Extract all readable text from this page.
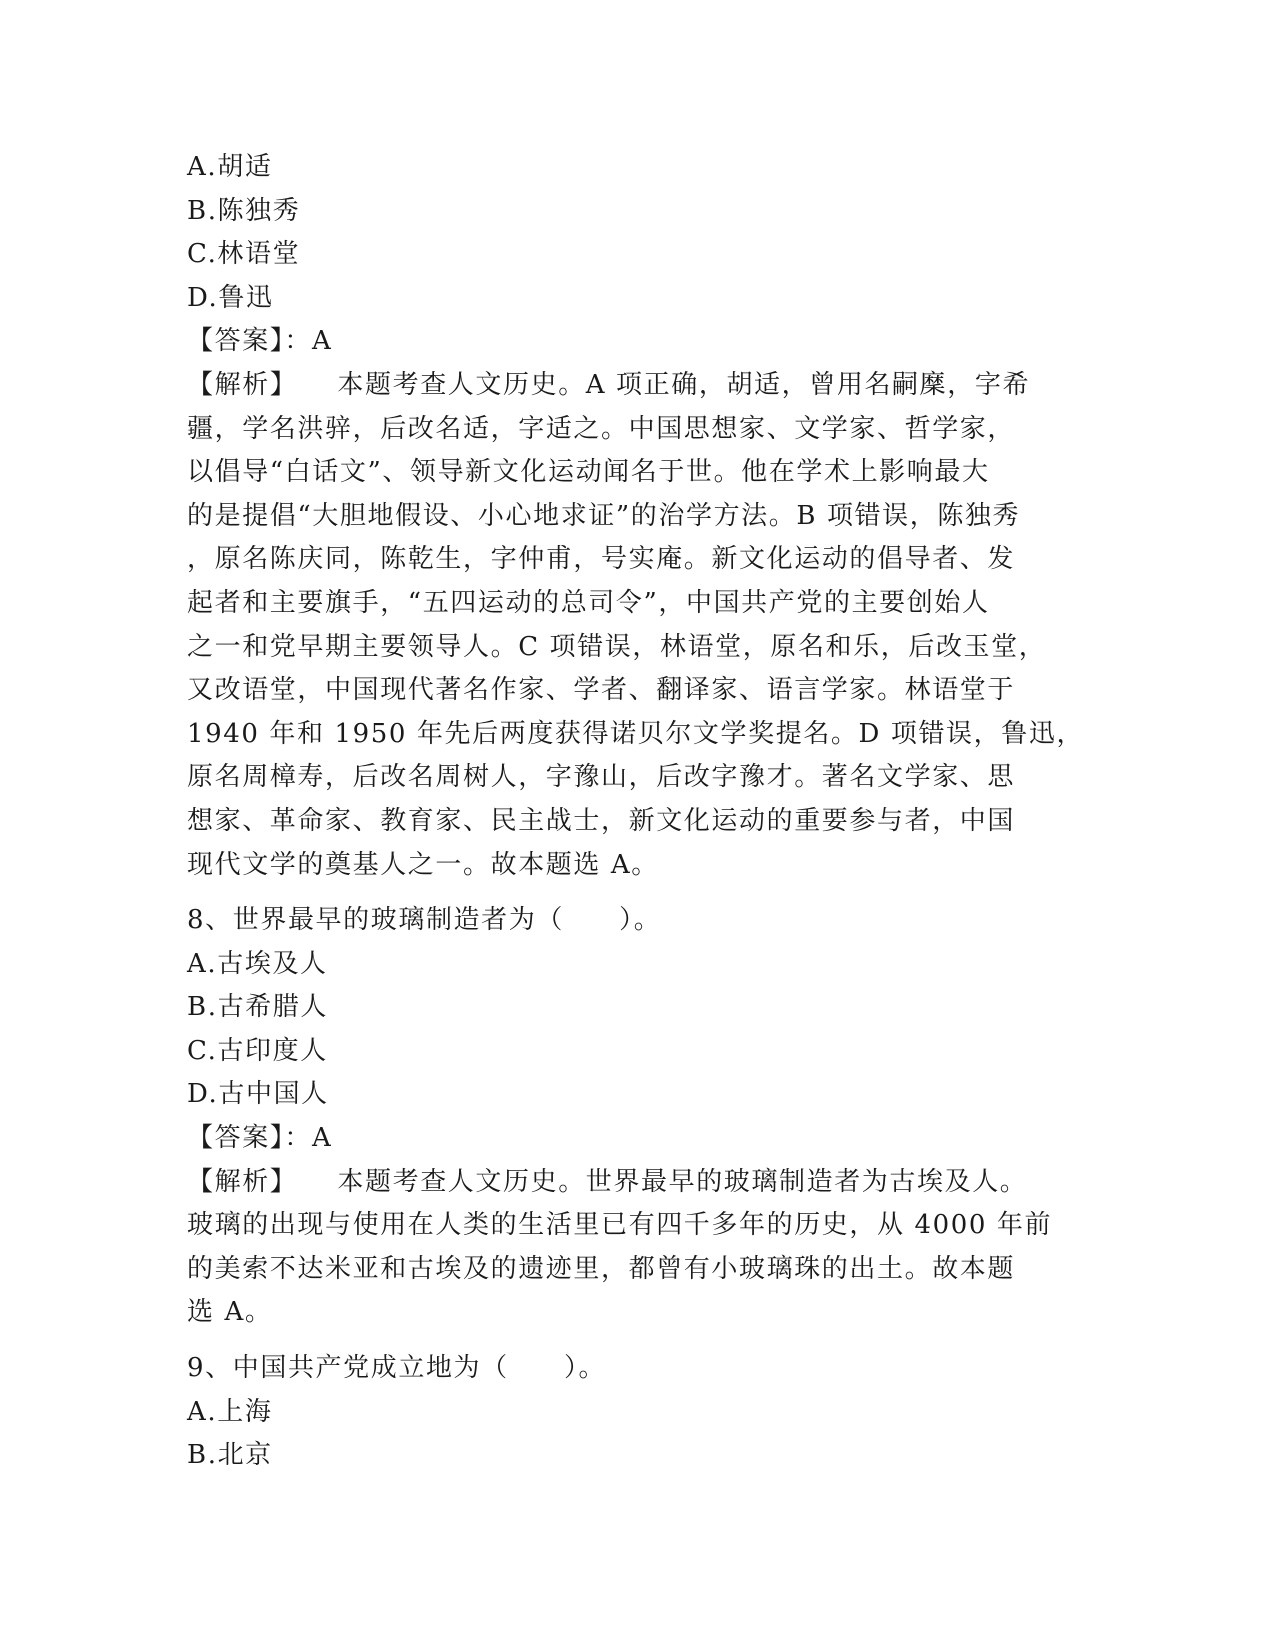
A.胡适
B.陈独秀
C.林语堂
D.鲁迅
【答案】：A
【解析】 本题考查人文历史。A 项正确，胡适，曾用名嗣穈，字希
疆，学名洪骍，后改名适，字适之。中国思想家、文学家、哲学家，
以倡导“白话文”、领导新文化运动闻名于世。他在学术上影响最大
的是提倡“大胆地假设、小心地求证”的治学方法。B 项错误，陈独秀
，原名陈庆同，陈乾生，字仲甫，号实庵。新文化运动的倡导者、发
起者和主要旗手，“五四运动的总司令”，中国共产党的主要创始人
之一和党早期主要领导人。C 项错误，林语堂，原名和乐，后改玉堂，
又改语堂，中国现代著名作家、学者、翻译家、语言学家。林语堂于
1940 年和 1950 年先后两度获得诺贝尔文学奖提名。D 项错误，鲁迅，
原名周樟寿，后改名周树人，字豫山，后改字豫才。著名文学家、思
想家、革命家、教育家、民主战士，新文化运动的重要参与者，中国
现代文学的奠基人之一。故本题选 A。
8、世界最早的玻璃制造者为（　　）。
A.古埃及人
B.古希腊人
C.古印度人
D.古中国人
【答案】：A
【解析】 本题考查人文历史。世界最早的玻璃制造者为古埃及人。
玻璃的出现与使用在人类的生活里已有四千多年的历史，从 4000 年前
的美索不达米亚和古埃及的遗迹里，都曾有小玻璃珠的出土。故本题
选 A。
9、中国共产党成立地为（　　）。
A.上海
B.北京
